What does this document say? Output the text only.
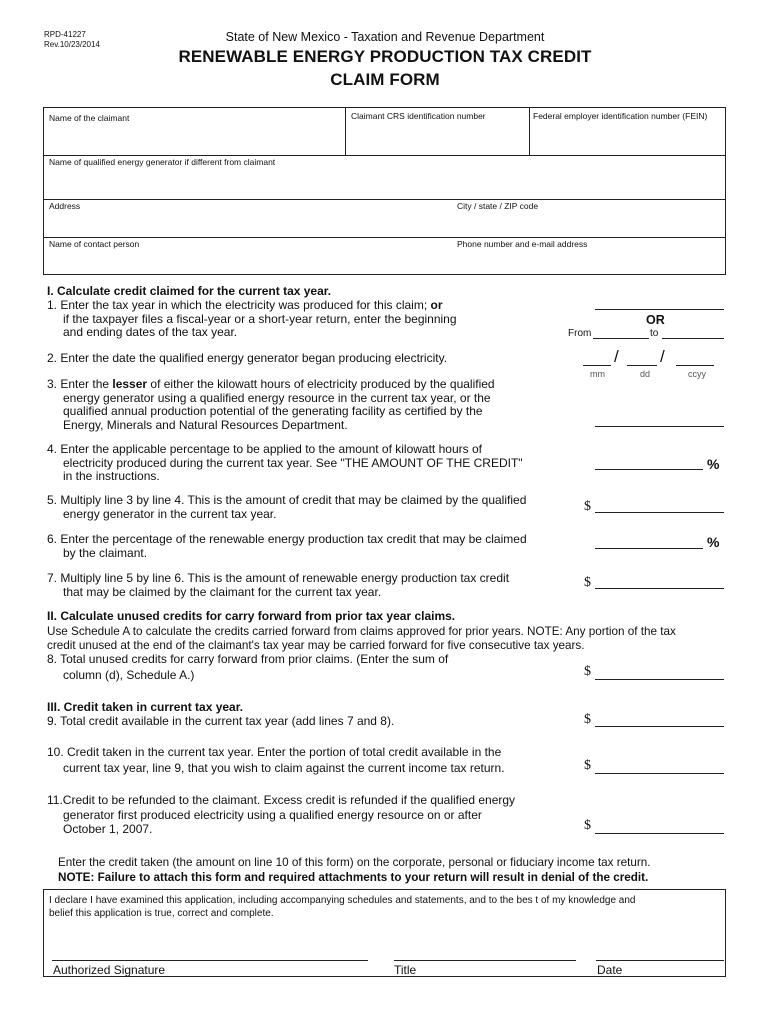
RPD-41227
Rev.10/23/2014
State of New Mexico - Taxation and Revenue Department
RENEWABLE ENERGY PRODUCTION TAX CREDIT
CLAIM FORM
Name of the claimant	Claimant CRS identification number	Federal employer identification number (FEIN)
Name of qualified energy generator if different from claimant
Address	City / state / ZIP code
Name of contact person	Phone number and e-mail address
I. Calculate credit claimed for the current tax year.
1. Enter the tax year in which the electricity was produced for this claim; or
if the taxpayer files a fiscal-year or a short-year return, enter the beginning
and ending dates of the tax year.
OR
From	to
2. Enter the date the qualified energy generator began producing electricity.	/ /
mm	dd	ccyy
3. Enter the lesser of either the kilowatt hours of electricity produced by the qualified
energy generator using a qualified energy resource in the current tax year, or the
qualified annual production potential of the generating facility as certified by the
Energy, Minerals and Natural Resources Department.
4. Enter the applicable percentage to be applied to the amount of kilowatt hours of
electricity produced during the current tax year. See "THE AMOUNT OF THE CREDIT"
in the instructions.
%
5. Multiply line 3 by line 4. This is the amount of credit that may be claimed by the qualified
energy generator in the current tax year.	$
6. Enter the percentage of the renewable energy production tax credit that may be claimed
by the claimant.
%
7. Multiply line 5 by line 6. This is the amount of renewable energy production tax credit
that may be claimed by the claimant for the current tax year.
$
II. Calculate unused credits for carry forward from prior tax year claims.
Use Schedule A to calculate the credits carried forward from claims approved for prior years. NOTE: Any portion of the tax
credit unused at the end of the claimant's tax year may be carried forward for five consecutive tax years.
8. Total unused credits for carry forward from prior claims. (Enter the sum of
column (d), Schedule A.)	$
III. Credit taken in current tax year.
9. Total credit available in the current tax year (add lines 7 and 8).	$
10. Credit taken in the current tax year. Enter the portion of total credit available in the
current tax year, line 9, that you wish to claim against the current income tax return.	$
11.Credit to be refunded to the claimant. Excess credit is refunded if the qualified energy
generator first produced electricity using a qualified energy resource on or after
October 1, 2007.	$
Enter the credit taken (the amount on line 10 of this form) on the corporate, personal or fiduciary income tax return.
NOTE: Failure to attach this form and required attachments to your return will result in denial of the credit.
I declare I have examined this application, including accompanying schedules and statements, and to the bes t of my knowledge and
belief this application is true, correct and complete.
Authorized Signature	Title	Date
